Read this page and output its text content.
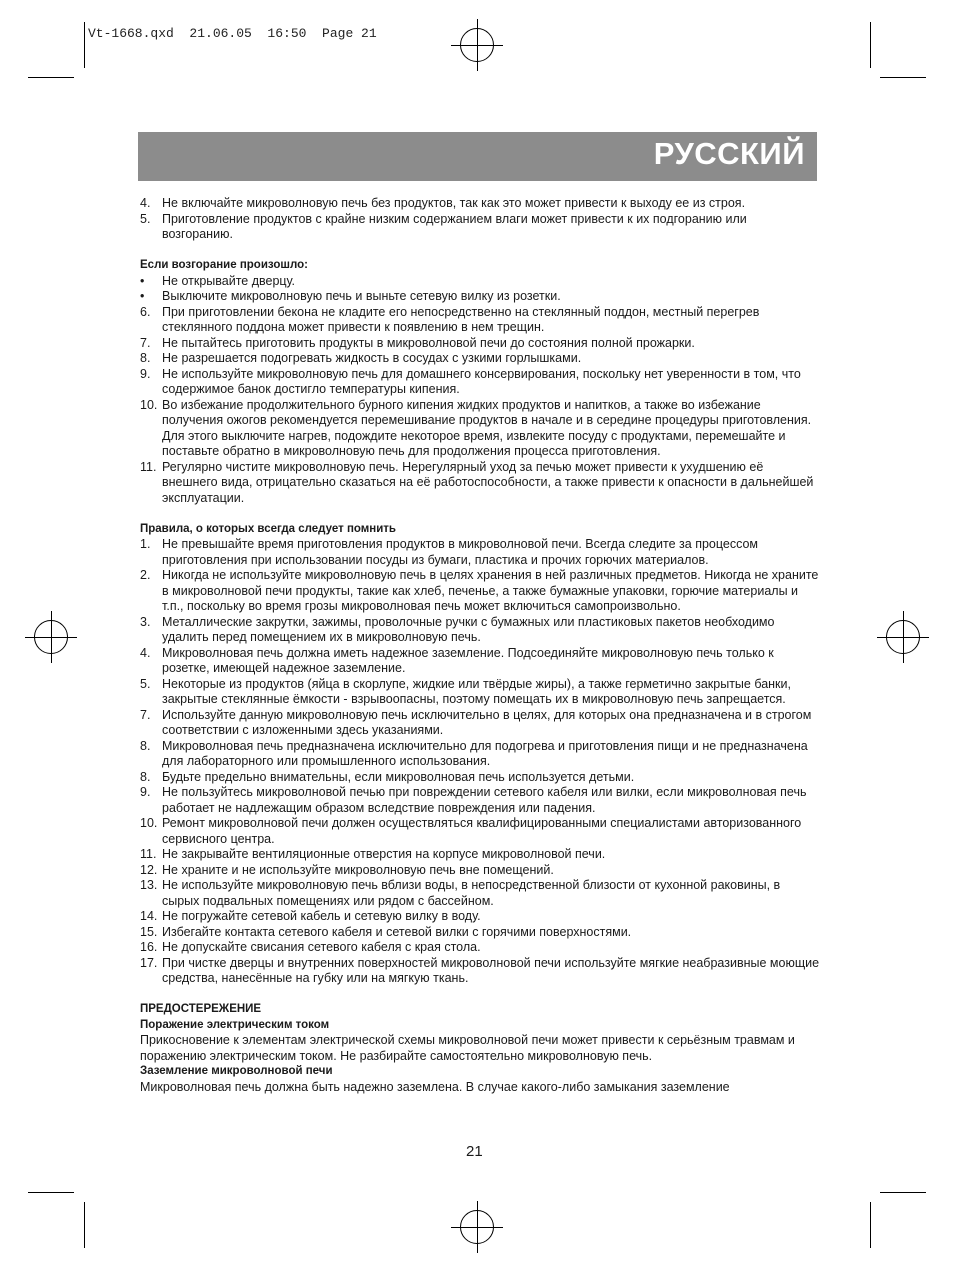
Vt-1668.qxd  21.06.05  16:50  Page 21
РУССКИЙ
4. Не включайте микроволновую печь без продуктов, так как это может привести к выходу ее из строя.
5. Приготовление продуктов с крайне низким содержанием влаги может привести к их подгоранию или возгоранию.
Если возгорание произошло:
•	Не открывайте дверцу.
•	Выключите микроволновую печь и выньте сетевую вилку из розетки.
6. При приготовлении бекона не кладите его непосредственно на стеклянный поддон, местный перегрев стеклянного поддона может привести к появлению в нем трещин.
7. Не пытайтесь приготовить продукты в микроволновой печи до состояния полной прожарки.
8. Не разрешается подогревать жидкость в сосудах с узкими горлышками.
9. Не используйте микроволновую печь для домашнего консервирования, поскольку нет уверенности в том, что содержимое банок достигло температуры кипения.
10. Во избежание продолжительного бурного кипения жидких продуктов и напитков, а также во избежание получения ожогов рекомендуется перемешивание продуктов в начале и в середине процедуры приготовления. Для этого выключите нагрев, подождите некоторое время, извлеките посуду с продуктами, перемешайте и поставьте обратно в микроволновую печь для продолжения процесса приготовления.
11. Регулярно чистите микроволновую печь. Нерегулярный уход за печью может привести к ухудшению её внешнего вида, отрицательно сказаться на её работоспособности, а также привести к опасности в дальнейшей эксплуатации.
Правила, о которых всегда следует помнить
1. Не превышайте время приготовления продуктов в микроволновой печи. Всегда следите за процессом приготовления при использовании посуды из бумаги, пластика и прочих горючих материалов.
2. Никогда не используйте микроволновую печь в целях хранения в ней различных предметов. Никогда не храните в микроволновой печи продукты, такие как хлеб, печенье, а также бумажные упаковки, горючие материалы и т.п., поскольку во время грозы микроволновая печь может включиться самопроизвольно.
3. Металлические закрутки, зажимы, проволочные ручки с бумажных или пластиковых пакетов необходимо удалить перед помещением их в микроволновую печь.
4. Микроволновая печь должна иметь надежное заземление. Подсоединяйте микроволновую печь только к розетке, имеющей надежное заземление.
5. Некоторые из продуктов (яйца в скорлупе, жидкие или твёрдые жиры), а также герметично закрытые банки, закрытые стеклянные ёмкости - взрывоопасны, поэтому помещать их в микроволновую печь запрещается.
7. Используйте данную микроволновую печь исключительно в целях, для которых она предназначена и в строгом соответствии с изложенными здесь указаниями.
8. Микроволновая печь предназначена исключительно для подогрева и приготовления пищи и не предназначена для лабораторного или промышленного использования.
8. Будьте предельно внимательны, если микроволновая печь используется детьми.
9. Не пользуйтесь микроволновой печью при повреждении сетевого кабеля или вилки, если микроволновая печь работает не надлежащим образом вследствие повреждения или падения.
10. Ремонт микроволновой печи должен осуществляться квалифицированными специалистами авторизованного сервисного центра.
11. Не закрывайте вентиляционные отверстия на корпусе микроволновой печи.
12. Не храните и не используйте микроволновую печь вне помещений.
13. Не используйте микроволновую печь вблизи воды, в непосредственной близости от кухонной раковины, в сырых подвальных помещениях или рядом с бассейном.
14. Не погружайте сетевой кабель и сетевую вилку в воду.
15. Избегайте контакта сетевого кабеля и сетевой вилки с горячими поверхностями.
16. Не допускайте свисания сетевого кабеля с края стола.
17. При чистке дверцы и внутренних поверхностей микроволновой печи используйте мягкие неабразивные моющие средства, нанесённые на губку или на мягкую ткань.
ПРЕДОСТЕРЕЖЕНИЕ
Поражение электрическим током
Прикосновение к элементам электрической схемы микроволновой печи может привести к серьёзным травмам и поражению электрическим током. Не разбирайте самостоятельно микроволновую печь.
Заземление микроволновой печи
Микроволновая печь должна быть надежно заземлена. В случае какого-либо замыкания заземление
21
